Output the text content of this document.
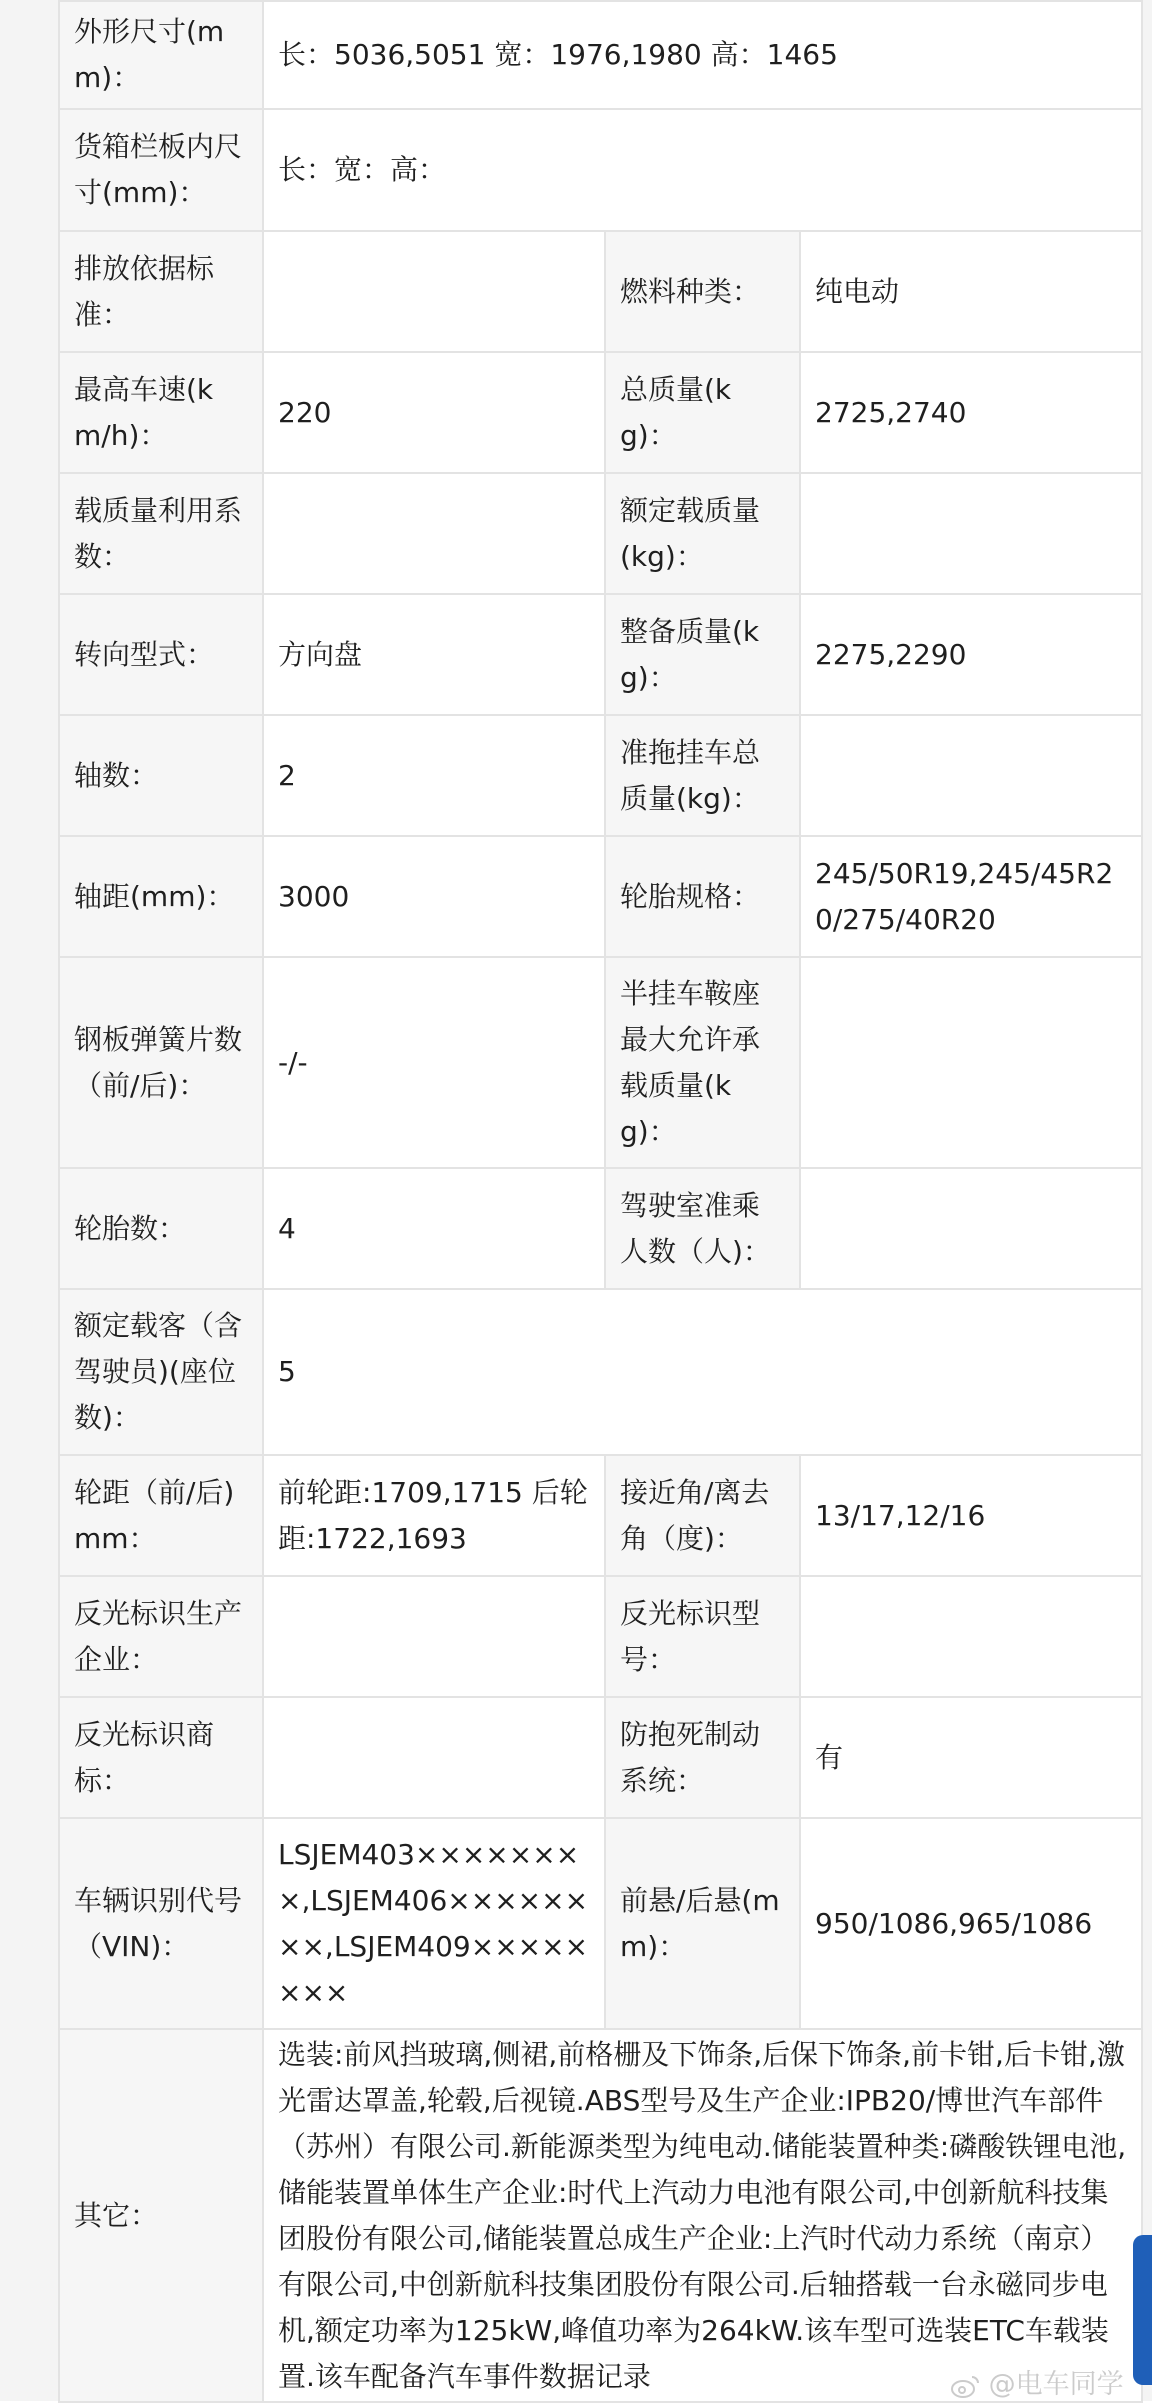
外形尺寸(mm)：	长：5036,5051 宽：1976,1980 高：1465		
货箱栏板内尺寸(mm)：	长：宽：高：		
排放依据标准：		燃料种类：	纯电动
最高车速(km/h)：	220	总质量(kg)：	2725,2740
载质量利用系数：		额定载质量(kg)：	
转向型式：	方向盘	整备质量(kg)：	2275,2290
轴数：	2	准拖挂车总质量(kg)：	
轴距(mm)：	3000	轮胎规格：	245/50R19,245/45R20/275/40R20
钢板弹簧片数（前/后)：	-/-	半挂车鞍座最大允许承载质量(kg)：	
轮胎数：	4	驾驶室准乘人数（人)：	
额定载客（含驾驶员)(座位数)：	5		
轮距（前/后)mm：	前轮距:1709,1715 后轮距:1722,1693	接近角/离去角（度)：	13/17,12/16
反光标识生产企业：		反光标识型号：	
反光标识商标：		防抱死制动系统：	有
车辆识别代号（VIN)：	LSJEM403××××××××,LSJEM406××××××××,LSJEM409××××××××	前悬/后悬(mm)：	950/1086,965/1086
其它：	选装:前风挡玻璃,侧裙,前格栅及下饰条,后保下饰条,前卡钳,后卡钳,激光雷达罩盖,轮毂,后视镜.ABS型号及生产企业:IPB20/博世汽车部件（苏州）有限公司.新能源类型为纯电动.储能装置种类:磷酸铁锂电池,储能装置单体生产企业:时代上汽动力电池有限公司,中创新航科技集团股份有限公司,储能装置总成生产企业:上汽时代动力系统（南京）有限公司,中创新航科技集团股份有限公司.后轴搭载一台永磁同步电机,额定功率为125kW,峰值功率为264kW.该车型可选装ETC车载装置.该车配备汽车事件数据记录			@电车同学
